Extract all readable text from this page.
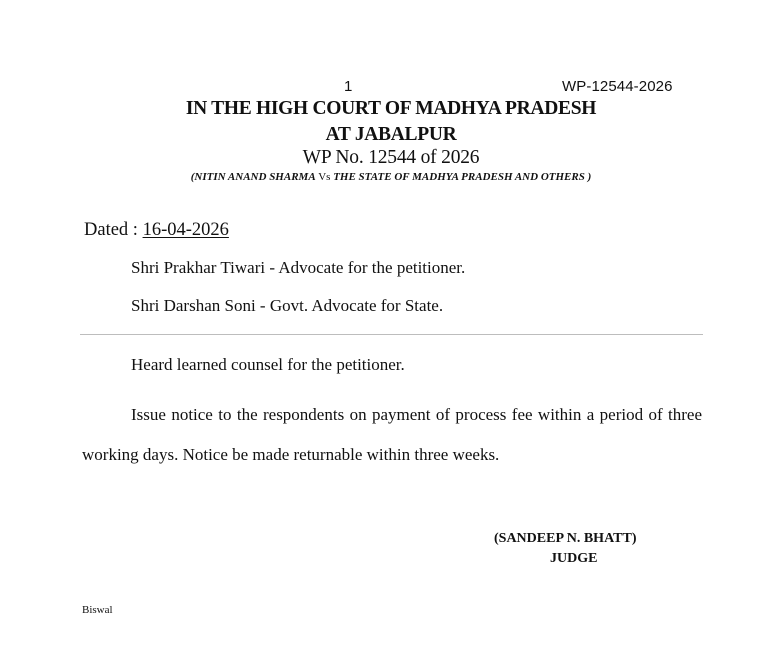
1	WP-12544-2026
IN THE HIGH COURT OF MADHYA PRADESH
AT JABALPUR
WP No. 12544 of 2026
(NITIN ANAND SHARMA Vs THE STATE OF MADHYA PRADESH AND OTHERS )
Dated : 16-04-2026
Shri Prakhar Tiwari - Advocate for the petitioner.
Shri Darshan Soni - Govt. Advocate for State.
Heard learned counsel for the petitioner.
Issue notice to the respondents on payment of process fee within a period of three working days. Notice be made returnable within three weeks.
(SANDEEP N. BHATT)
JUDGE
Biswal
